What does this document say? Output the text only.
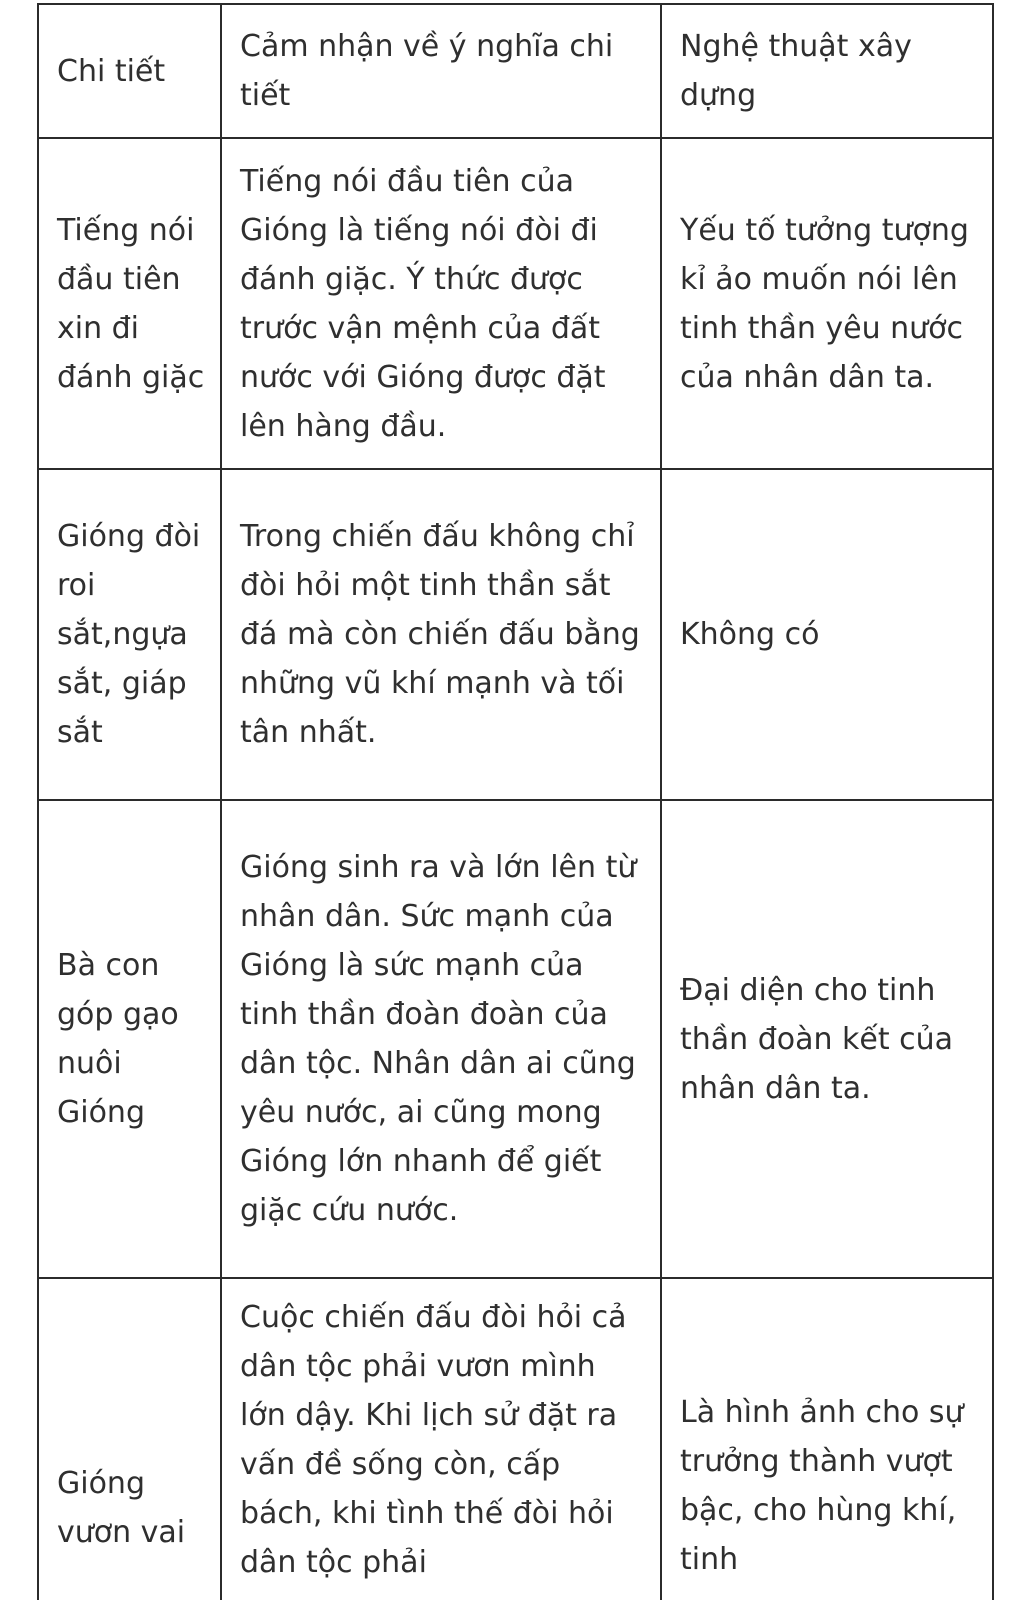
Chi tiết	Cảm nhận về ý nghĩa chi tiết	Nghệ thuật xây dựng
Tiếng nói đầu tiên xin đi đánh giặc	Tiếng nói đầu tiên của Gióng là tiếng nói đòi đi đánh giặc. Ý thức được trước vận mệnh của đất nước với Gióng được đặt lên hàng đầu.	Yếu tố tưởng tượng kỉ ảo muốn nói lên tinh thần yêu nước của nhân dân ta.
Gióng đòi roi sắt,ngựa sắt, giáp sắt	Trong chiến đấu không chỉ đòi hỏi một tinh thần sắt đá mà còn chiến đấu bằng những vũ khí mạnh và tối tân nhất.	Không có
Bà con góp gạo nuôi Gióng	Gióng sinh ra và lớn lên từ nhân dân. Sức mạnh của Gióng là sức mạnh của tinh thần đoàn đoàn của dân tộc. Nhân dân ai cũng yêu nước, ai cũng mong Gióng lớn nhanh để giết giặc cứu nước.	Đại diện cho tinh thần đoàn kết của nhân dân ta.
Gióng vươn vai	Cuộc chiến đấu đòi hỏi cả dân tộc phải vươn mình lớn dậy. Khi lịch sử đặt ra vấn đề sống còn, cấp bách, khi tình thế đòi hỏi dân tộc phải	Là hình ảnh cho sự trưởng thành vượt bậc, cho hùng khí, tinh
